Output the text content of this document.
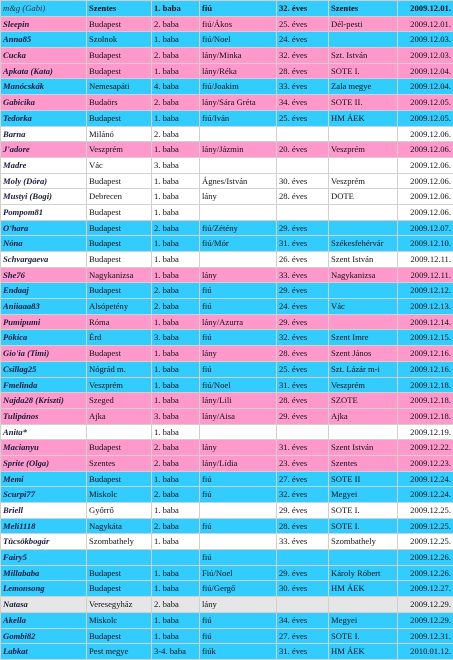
m&g (Gabi)	Szentes	1. baba	fiú	32. éves	Szentes	2009.12.01.
Sleepin	Budapest	2. baba	fiú/Ákos	25. éves	Dél-pesti	2009.12.01.
Anna85	Szolnok	1. baba	fiú/Noel	24. éves		2009.12.03.
Cucka	Budapest	2. baba	lány/Minka	32. éves	Szt. István	2009.12.03.
Apkata (Kata)	Budapest	1. baba	lány/Réka	28. éves	SOTE I.	2009.12.04.
Manócskák	Nemesapáti	4. baba	fiú/Joakim	33. éves	Zala megye	2009.12.04.
Gabicika	Budaörs	2. baba	lány/Sára Gréta	34. éves	SOTE II.	2009.12.05.
Tedorka	Budapest	1. baba	fiú/Iván	25. éves	HM ÁEK	2009.12.05.
Barna	Milánó	2. baba				2009.12.06.
J'adore	Veszprém	1. baba	lány/Jázmin	20. éves	Veszprém	2009.12.06.
Madre	Vác	3. baba				2009.12.06.
Moly (Dóra)	Budapest	1. baba	Ágnes/István	30. éves	Veszprém	2009.12.06.
Mustyi (Bogi)	Debrecen	1. baba	lány	28. éves	DOTE	2009.12.06.
Pompom81	Budapest	1. baba				2009.12.06.
O'hara	Budapest	2. baba	fiú/Zétény	29. éves		2009.12.07.
Nóna	Budapest	1. baba	fiú/Mór	31. éves	Székesfehérvár	2009.12.10.
Schvargaeva	Budapest	1. baba		26. éves	Szent István	2009.12.11.
She76	Nagykanizsa	1. baba	lány	33. éves	Nagykanizsa	2009.12.11.
Endaaj	Budapest	2. baba	fiú	29. éves		2009.12.12.
Aniiaaa83	Alsópetény	2. baba	fiú	24. éves	Vác	2009.12.13.
Pumipumi	Róma	1. baba	lány/Azurra	29. éves		2009.12.14.
Pókica	Érd	3. baba	fiú	32. éves	Szent Imre	2009.12.15.
Gio'ia (Timi)	Budapest	1. baba	lány	28. éves	Szent János	2009.12.16.
Csillag25	Nógrád m.	1. baba	fiú	25. éves	Szt. Lázár m-i	2009.12.16.
Fmelinda	Veszprém	1. baba	fiú/Noel	31. éves	Veszprém	2009.12.18.
Najda28 (Kriszti)	Szeged	1. baba	lány/Lili	28. éves	SZOTE	2009.12.18.
Tulipános	Ajka	3. baba	lány/Aisa	29. éves	Ajka	2009.12.18.
Anita*		1. baba				2009.12.19.
Macianyu	Budapest	2. baba	lány	31. éves	Szent István	2009.12.22.
Sprite (Olga)	Szentes	2. baba	lány/Lídia	23. éves	Szentes	2009.12.23.
Memi	Budapest	1. baba	fiú	27. éves	SOTE II	2009.12.24.
Scurpi77	Miskolc	2. baba	fiú	32. éves	Megyei	2009.12.24.
Briell	Győrrő	1. baba		29. éves	SOTE I.	2009.12.25.
Meli1118	Nagykáta	2. baba	fiú	28. éves	SOTE I.	2009.12.25.
Tücsökbogár	Szombathely	1. baba		33. éves	Szombathely	2009.12.25.
Fairy5			fiú			2009.12.26.
Millababa	Budapest	1. baba	Fiú/Noel	29. éves	Károly Róbert	2009.12.26.
Lemonsong	Budapest	1. baba	fiú/Gergő	30. éves	HM ÁEK	2009.12.27.
Natasa	Veresegyház	2. baba	lány			2009.12.29.
Akella	Miskolc	1. baba	fiú	34. éves	Megyei	2009.12.29.
Gombi82	Budapest	1. baba	fiú	27. éves	SOTE I.	2009.12.31.
Labkat	Pest megye	3-4. baba	fiúk	31. éves	HM ÁEK	2010.01.12.
